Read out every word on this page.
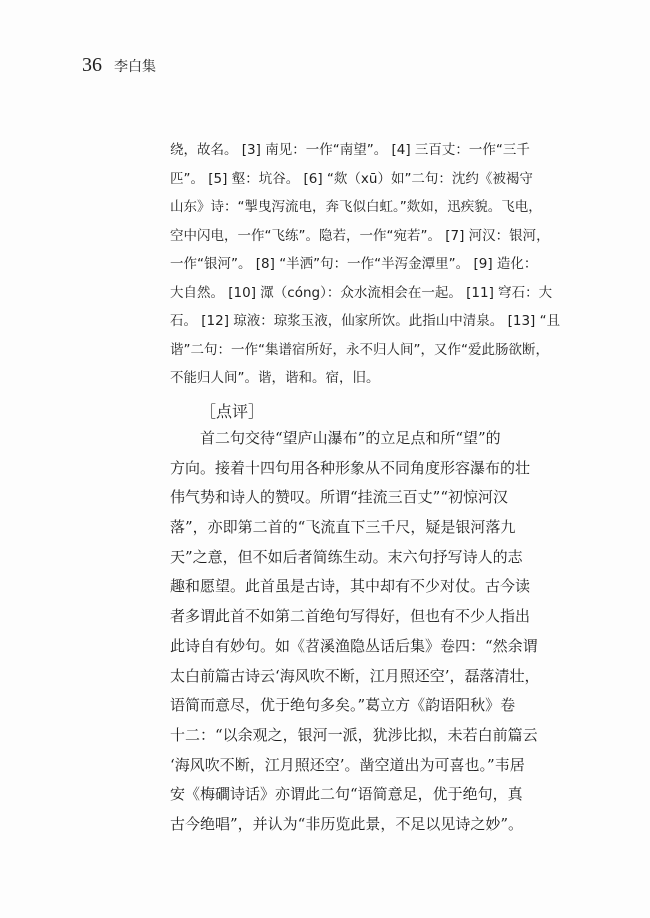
36 李白集
绕，故名。 [3] 南见：一作“南望”。 [4] 三百丈：一作“三千
匹”。 [5] 壑：坑谷。 [6] “欻（xū）如”二句：沈约《被褐守
山东》诗：“掣曳泻流电，奔飞似白虹。”欻如，迅疾貌。飞电，
空中闪电，一作“飞练”。隐若，一作“宛若”。 [7] 河汉：银河，
一作“银河”。 [8] “半洒”句：一作“半泻金潭里”。 [9] 造化：
大自然。 [10] 潀（cóng）：众水流相会在一起。 [11] 穹石：大
石。 [12] 琼液：琼浆玉液，仙家所饮。此指山中清泉。 [13] “且
谐”二句：一作“集谱宿所好，永不归人间”，又作“爱此肠欲断，
不能归人间”。谐，谐和。宿，旧。
［点评］
首二句交待“望庐山瀑布”的立足点和所“望”的
方向。接着十四句用各种形象从不同角度形容瀑布的壮
伟气势和诗人的赞叹。所谓“挂流三百丈”“初惊河汉
落”，亦即第二首的“飞流直下三千尺，疑是银河落九
天”之意，但不如后者简练生动。末六句抒写诗人的志
趣和愿望。此首虽是古诗，其中却有不少对仗。古今读
者多谓此首不如第二首绝句写得好，但也有不少人指出
此诗自有妙句。如《苕溪渔隐丛话后集》卷四：“然余谓
太白前篇古诗云‘海风吹不断，江月照还空’，磊落清壮，
语简而意尽，优于绝句多矣。”葛立方《韵语阳秋》卷
十二：“以余观之，银河一派，犹涉比拟，未若白前篇云
‘海风吹不断，江月照还空’。凿空道出为可喜也。”韦居
安《梅磵诗话》亦谓此二句“语简意足，优于绝句，真
古今绝唱”，并认为“非历览此景，不足以见诗之妙”。
